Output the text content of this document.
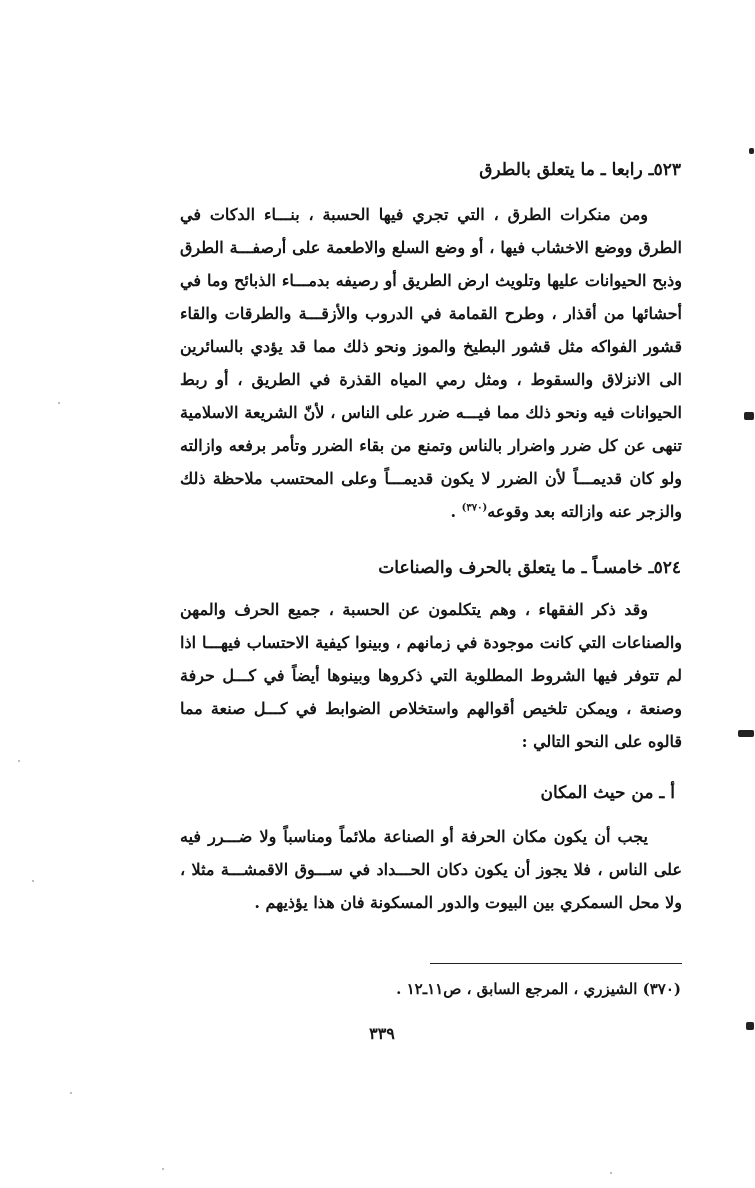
٥٢٣ـ رابعا ـ ما يتعلق بالطرق
ومن منكرات الطرق ، التي تجري فيها الحسبة ، بنـــاء الدكات في الطرق ووضع الاخشاب فيها ، أو وضع السلع والاطعمة على أرصفـــة الطرق وذبح الحيوانات عليها وتلويث ارض الطريق أو رصيفه بدمـــاء الذبائح وما في أحشائها من أقذار ، وطرح القمامة في الدروب والأزقـــة والطرقات والقاء قشور الفواكه مثل قشور البطيخ والموز ونحو ذلك مما قد يؤدي بالسائرين الى الانزلاق والسقوط ، ومثل رمي المياه القذرة في الطريق ، أو ربط الحيوانات فيه ونحو ذلك مما فيـــه ضرر على الناس ، لأنّ الشريعة الاسلامية تنهى عن كل ضرر واضرار بالناس وتمنع من بقاء الضرر وتأمر برفعه وازالته ولو كان قديمـــاً لأن الضرر لا يكون قديمـــاً وعلى المحتسب ملاحظة ذلك والزجر عنه وازالته بعد وقوعه$^{(٣٧٠)}$ .
٥٢٤ـ خامسـاً ـ ما يتعلق بالحرف والصناعات
وقد ذكر الفقهاء ، وهم يتكلمون عن الحسبة ، جميع الحرف والمهن والصناعات التي كانت موجودة في زمانهم ، وبينوا كيفية الاحتساب فيهـــا اذا لم تتوفر فيها الشروط المطلوبة التي ذكروها وبينوها أيضاً في كـــل حرفة وصنعة ، ويمكن تلخيص أقوالهم واستخلاص الضوابط في كـــل صنعة مما قالوه على النحو التالي :
أ ـ من حيث المكان
يجب أن يكون مكان الحرفة أو الصناعة ملائماً ومناسباً ولا ضـــرر فيه على الناس ، فلا يجوز أن يكون دكان الحـــداد في ســـوق الاقمشـــة مثلا ، ولا محل السمكري بين البيوت والدور المسكونة فان هذا يؤذيهم .
(٣٧٠) الشيزري ، المرجع السابق ، ص١١ـ١٢ .
٣٣٩
